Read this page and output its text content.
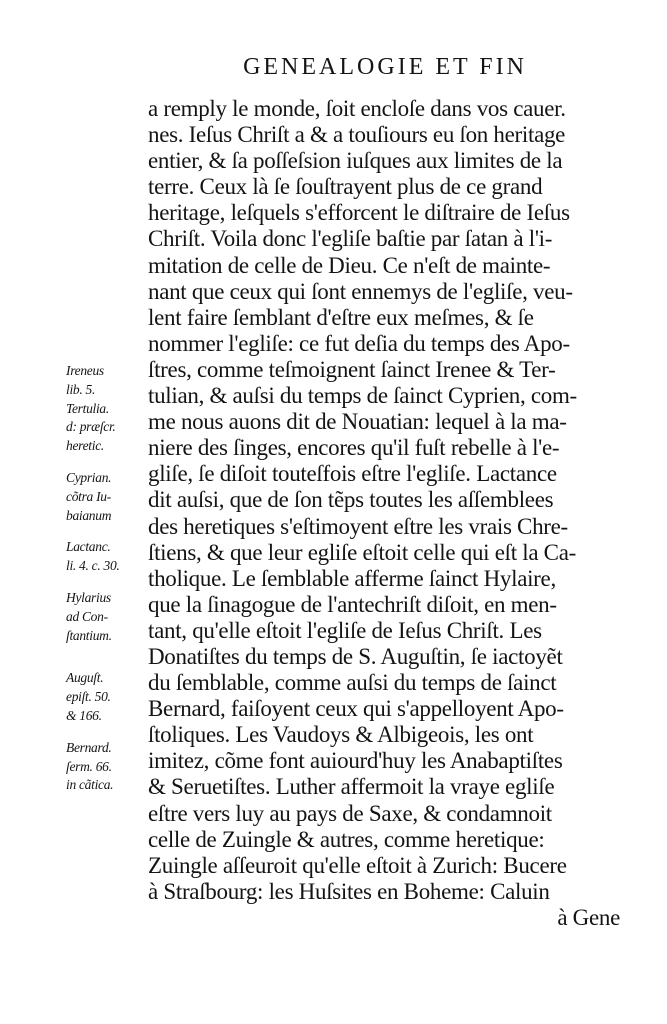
GENEALOGIE ET FIN
Ireneus
lib. 5.
Tertulia.
d: præſcr.
heretic.
Cyprian.
cõtra Iu-
baianum
Lactanc.
li. 4. c. 30.
Hylarius
ad Con-
ſtantium.
Auguſt.
epiſt. 50.
& 166.
Bernard.
ſerm. 66.
in cãtica.
a remply le monde, ſoit encloſe dans vos cauer.
nes. Ieſus Chriſt a & a touſiours eu ſon heritage
entier, & ſa poſſeſsion iuſques aux limites de la
terre. Ceux là ſe ſouſtrayent plus de ce grand
heritage, leſquels s'efforcent le diſtraire de Ieſus
Chriſt. Voila donc l'egliſe baſtie par ſatan à l'i-
mitation de celle de Dieu. Ce n'eſt de mainte-
nant que ceux qui ſont ennemys de l'egliſe, veu-
lent faire ſemblant d'eſtre eux meſmes, & ſe
nommer l'egliſe: ce fut deſia du temps des Apo-
ſtres, comme teſmoignent ſainct Irenee & Ter-
tulian, & auſsi du temps de ſainct Cyprien, com-
me nous auons dit de Nouatian: lequel à la ma-
niere des ſinges, encores qu'il fuſt rebelle à l'e-
gliſe, ſe diſoit touteſfois eſtre l'egliſe. Lactance
dit auſsi, que de ſon tẽps toutes les aſſemblees
des heretiques s'eſtimoyent eſtre les vrais Chre-
ſtiens, & que leur egliſe eſtoit celle qui eſt la Ca-
tholique. Le ſemblable afferme ſainct Hylaire,
que la ſinagogue de l'antechriſt diſoit, en men-
tant, qu'elle eſtoit l'egliſe de Ieſus Chriſt. Les
Donatiſtes du temps de S. Auguſtin, ſe iactoyẽt
du ſemblable, comme auſsi du temps de ſainct
Bernard, faiſoyent ceux qui s'appelloyent Apo-
ſtoliques. Les Vaudoys & Albigeois, les ont
imitez, cõme font auiourd'huy les Anabaptiſtes
& Seruetiſtes. Luther affermoit la vraye egliſe
eſtre vers luy au pays de Saxe, & condamnoit
celle de Zuingle & autres, comme heretique:
Zuingle aſſeuroit qu'elle eſtoit à Zurich: Bucere
à Straſbourg: les Huſsites en Boheme: Caluin
à Gene
